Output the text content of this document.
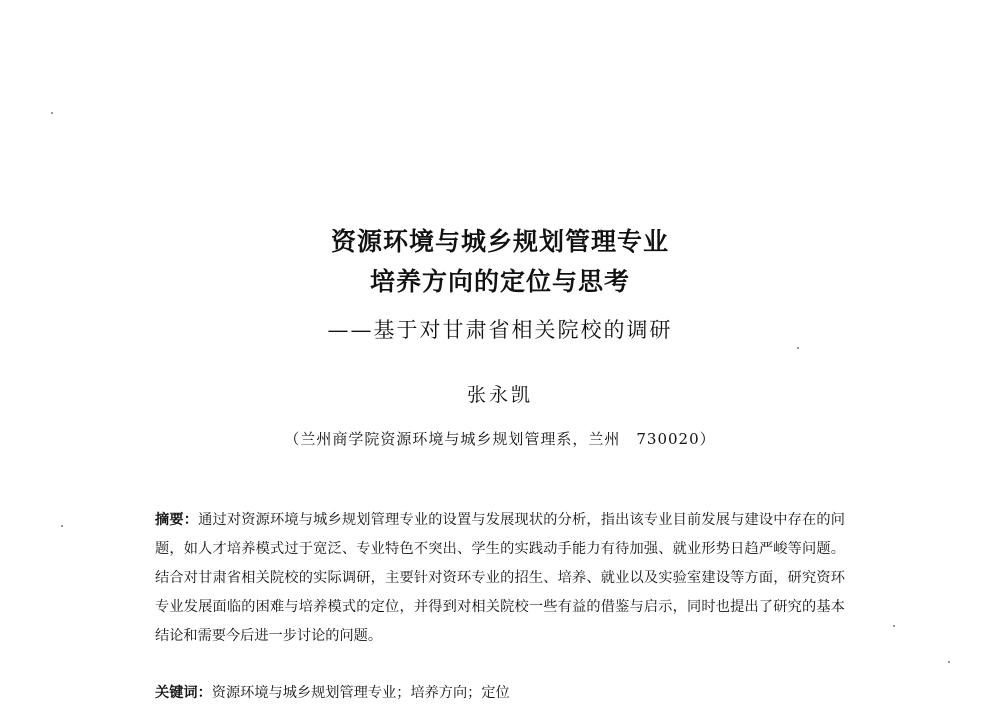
资源环境与城乡规划管理专业
培养方向的定位与思考
——基于对甘肃省相关院校的调研
张永凯
（兰州商学院资源环境与城乡规划管理系，兰州　730020）
摘要：通过对资源环境与城乡规划管理专业的设置与发展现状的分析，指出该专业目前发展与建设中存在的问题，如人才培养模式过于宽泛、专业特色不突出、学生的实践动手能力有待加强、就业形势日趋严峻等问题。结合对甘肃省相关院校的实际调研，主要针对资环专业的招生、培养、就业以及实验室建设等方面，研究资环专业发展面临的困难与培养模式的定位，并得到对相关院校一些有益的借鉴与启示，同时也提出了研究的基本结论和需要今后进一步讨论的问题。
关键词：资源环境与城乡规划管理专业；培养方向；定位
